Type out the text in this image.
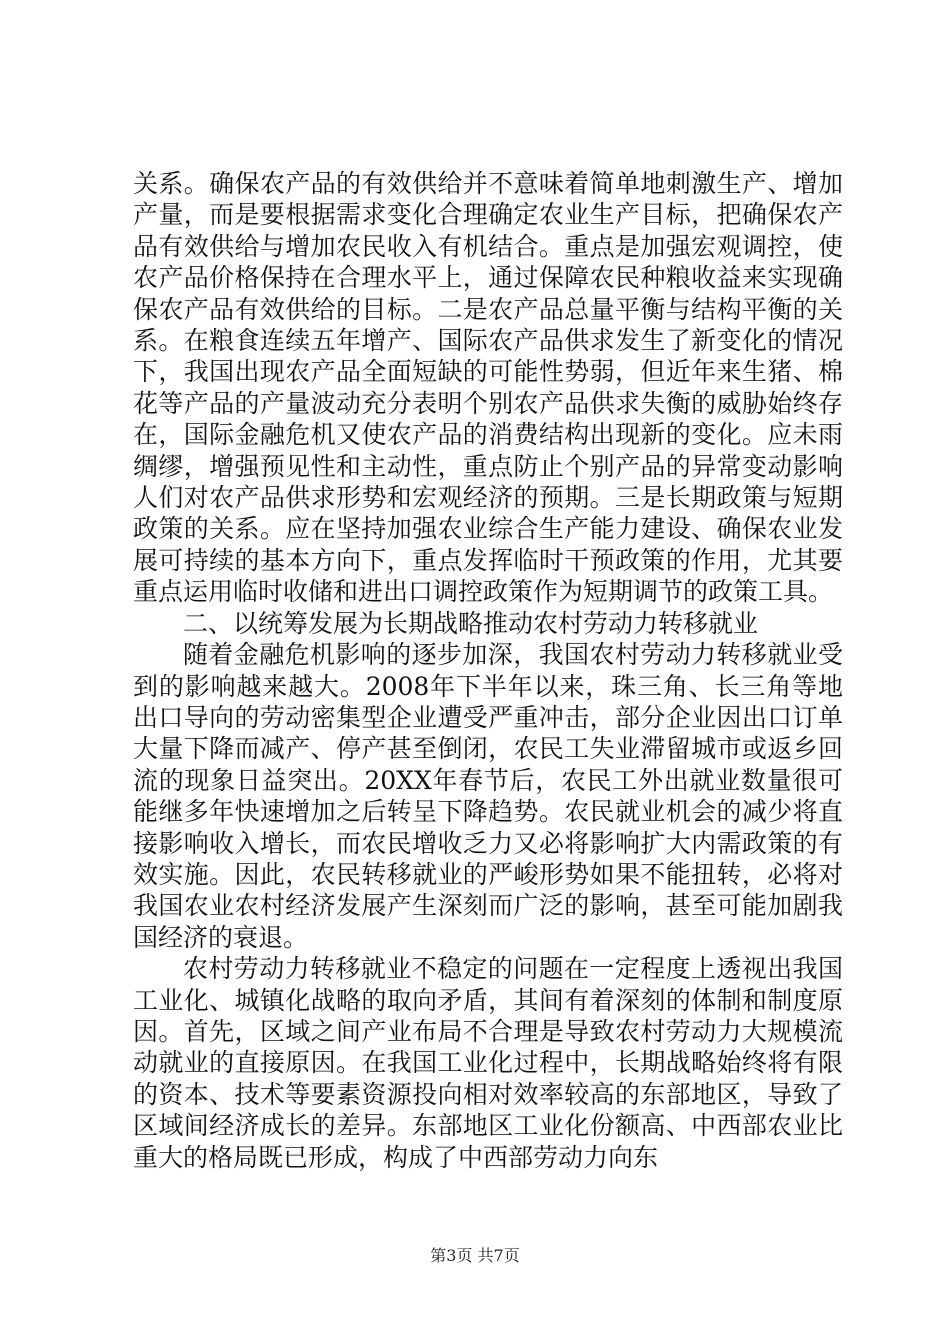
关系。确保农产品的有效供给并不意味着简单地刺激生产、增加产量，而是要根据需求变化合理确定农业生产目标，把确保农产品有效供给与增加农民收入有机结合。重点是加强宏观调控，使农产品价格保持在合理水平上，通过保障农民种粮收益来实现确保农产品有效供给的目标。二是农产品总量平衡与结构平衡的关系。在粮食连续五年增产、国际农产品供求发生了新变化的情况下，我国出现农产品全面短缺的可能性势弱，但近年来生猪、棉花等产品的产量波动充分表明个别农产品供求失衡的威胁始终存在，国际金融危机又使农产品的消费结构出现新的变化。应未雨绸缪，增强预见性和主动性，重点防止个别产品的异常变动影响人们对农产品供求形势和宏观经济的预期。三是长期政策与短期政策的关系。应在坚持加强农业综合生产能力建设、确保农业发展可持续的基本方向下，重点发挥临时干预政策的作用，尤其要重点运用临时收储和进出口调控政策作为短期调节的政策工具。

二、以统筹发展为长期战略推动农村劳动力转移就业

随着金融危机影响的逐步加深，我国农村劳动力转移就业受到的影响越来越大。2008年下半年以来，珠三角、长三角等地出口导向的劳动密集型企业遭受严重冲击，部分企业因出口订单大量下降而减产、停产甚至倒闭，农民工失业滞留城市或返乡回流的现象日益突出。20XX年春节后，农民工外出就业数量很可能继多年快速增加之后转呈下降趋势。农民就业机会的减少将直接影响收入增长，而农民增收乏力又必将影响扩大内需政策的有效实施。因此，农民转移就业的严峻形势如果不能扭转，必将对我国农业农村经济发展产生深刻而广泛的影响，甚至可能加剧我国经济的衰退。

农村劳动力转移就业不稳定的问题在一定程度上透视出我国工业化、城镇化战略的取向矛盾，其间有着深刻的体制和制度原因。首先，区域之间产业布局不合理是导致农村劳动力大规模流动就业的直接原因。在我国工业化过程中，长期战略始终将有限的资本、技术等要素资源投向相对效率较高的东部地区，导致了区域间经济成长的差异。东部地区工业化份额高、中西部农业比重大的格局既已形成，构成了中西部劳动力向东

第3页 共7页
